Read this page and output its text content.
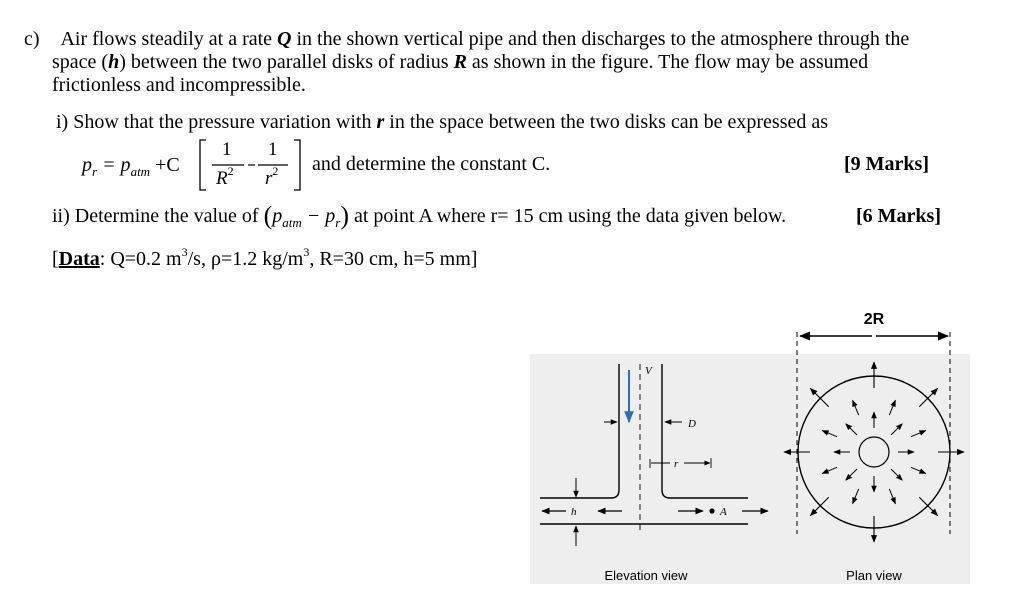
c) Air flows steadily at a rate Q in the shown vertical pipe and then discharges to the atmosphere through the
space (h) between the two parallel disks of radius R as shown in the figure. The flow may be assumed
frictionless and incompressible.
i) Show that the pressure variation with r in the space between the two disks can be expressed as
$p_r = p_{atm} +C$
1
$R^2$
1
$r^2$ and determine the constant C.	[9 Marks]
ii) Determine the value of $(p_{atm} - p_r)$ at point A where r= 15 cm using the data given below.	[6 Marks]
[Data: Q=0.2 $m^3/s$, ρ=1.2 $kg/m^3$, R=30 cm, h=5 mm]
V
D
r
h	A
Elevation view
2R
Plan view
